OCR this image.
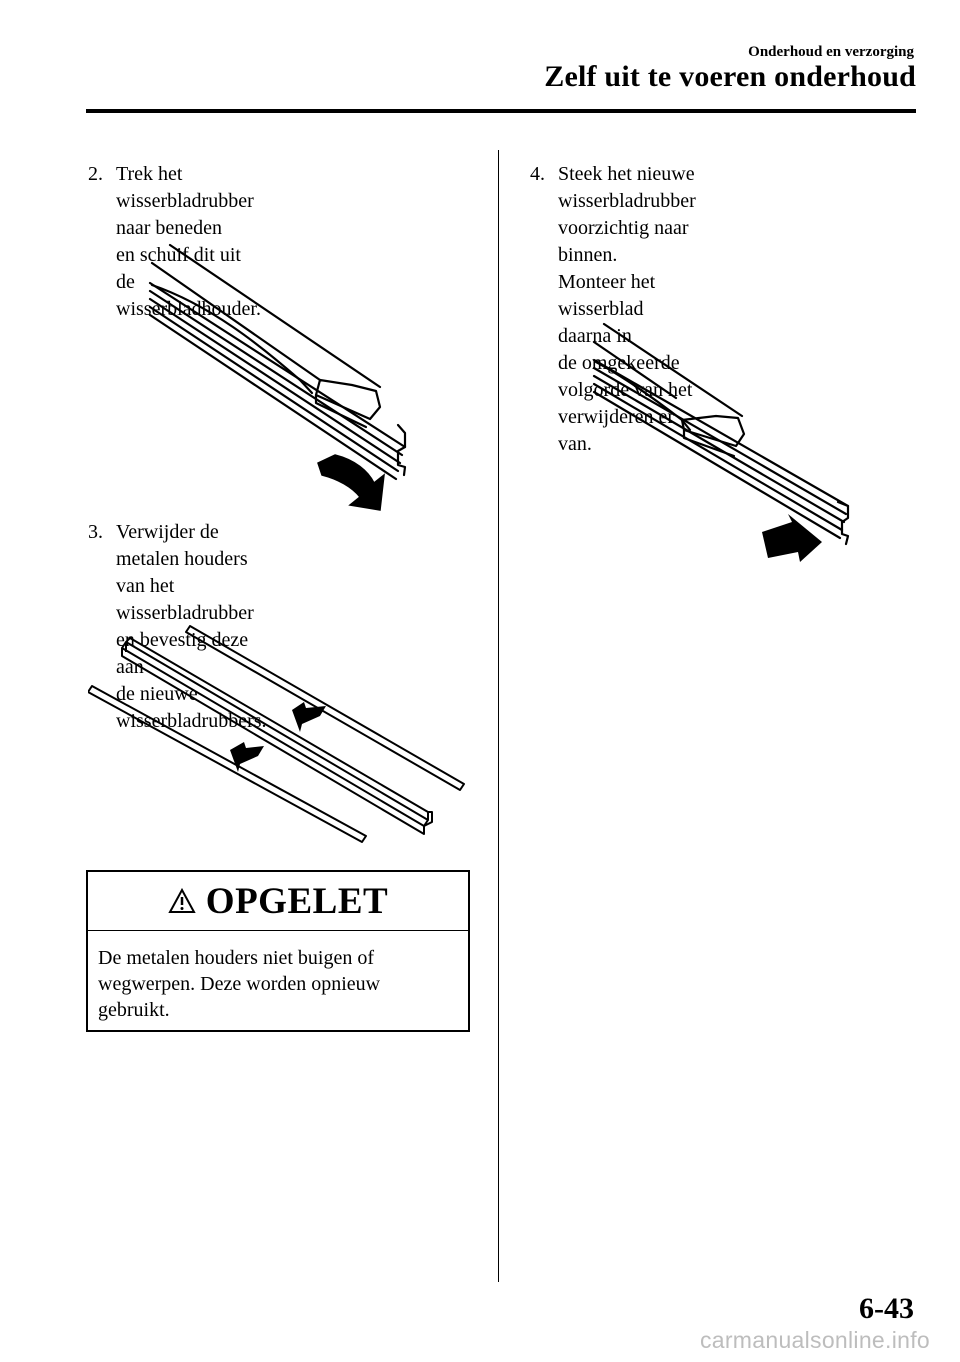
Onderhoud en verzorging
Zelf uit te voeren onderhoud
2. Trek het wisserbladrubber naar beneden
en schuif dit uit de wisserbladhouder.
3. Verwijder de metalen houders van het
wisserbladrubber en bevestig deze aan
de nieuwe wisserbladrubbers.
OPGELET
De metalen houders niet buigen of
wegwerpen. Deze worden opnieuw
gebruikt.
4. Steek het nieuwe wisserbladrubber
voorzichtig naar binnen.
Monteer het wisserblad daarna in
de omgekeerde volgorde van het
verwijderen er van.
6-43
carmanualsonline.info
